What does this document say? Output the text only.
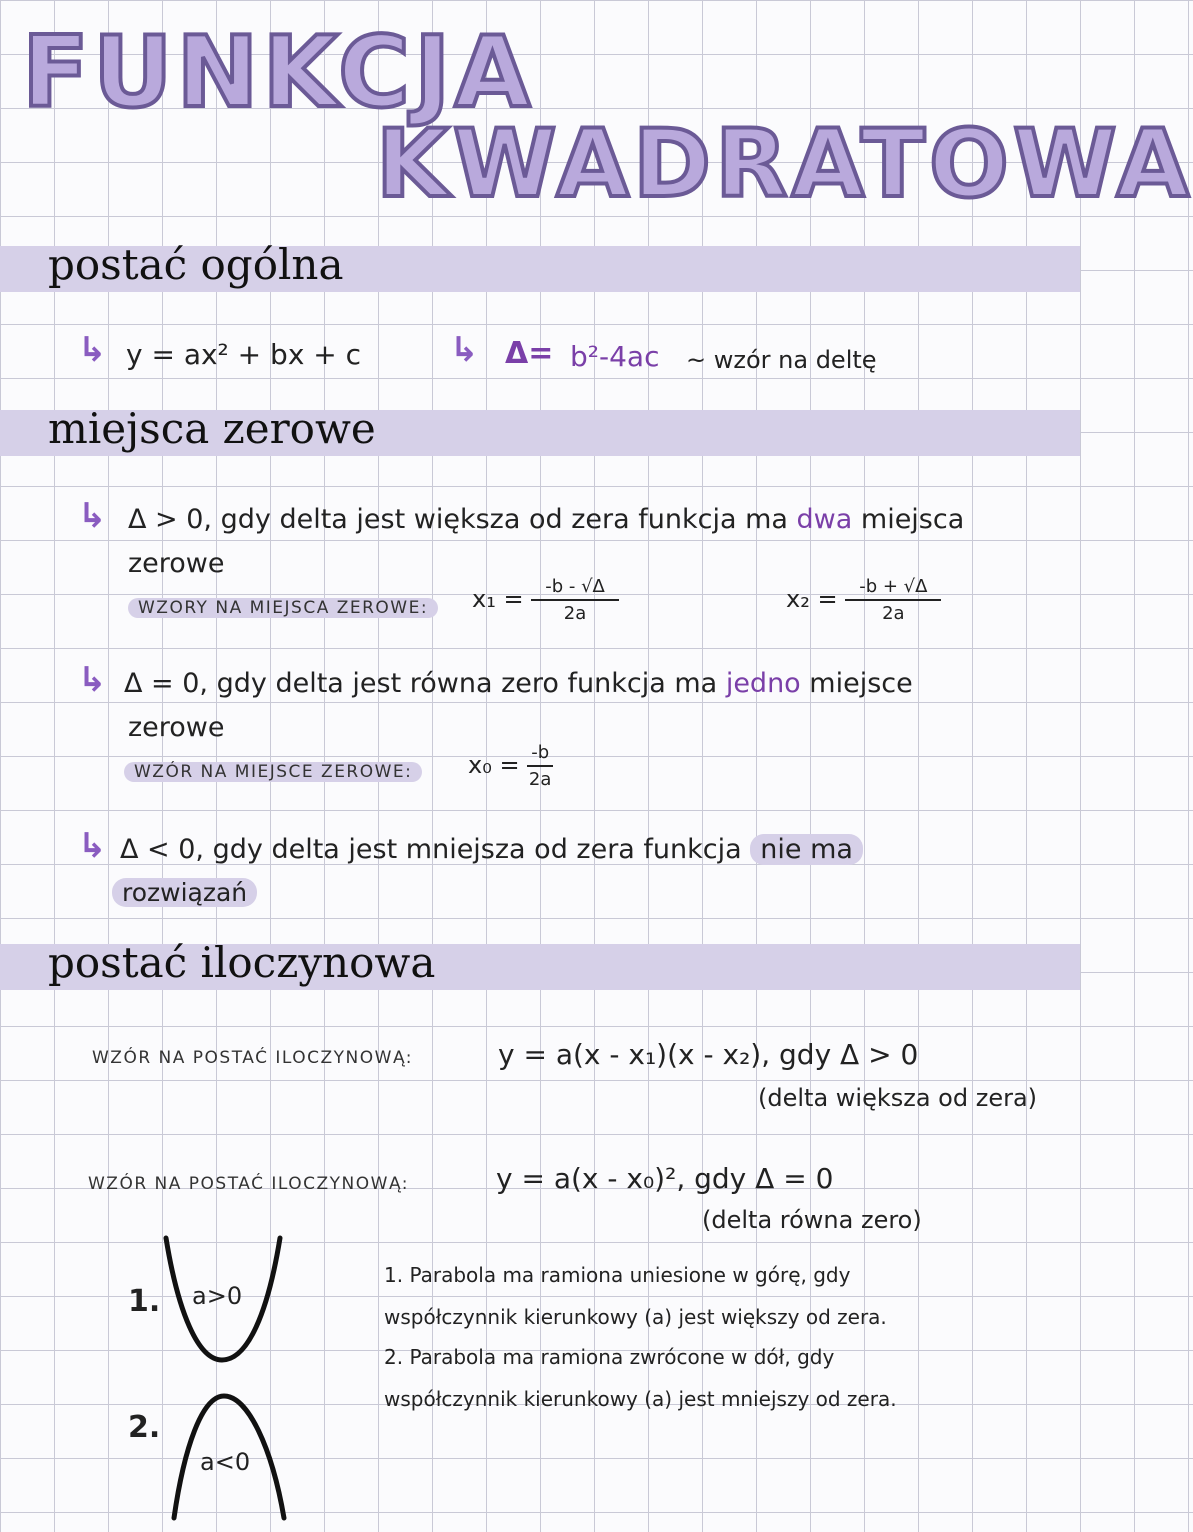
FUNKCJA
KWADRATOWA
postać ogólna
↳ y = ax² + bx + c	↳ Δ= b²-4ac ~ wzór na deltę
miejsca zerowe
↳ Δ > 0, gdy delta jest większa od zera funkcja ma dwa miejsca
zerowe
WZORY NA MIEJSCA ZEROWE:	$x_1 = \frac{-b - √\Delta}{2a}$	$x_2 = \frac{-b + √\Delta}{2a}$
↳ Δ = 0, gdy delta jest równa zero funkcja ma jedno miejsce
zerowe
WZÓR NA MIEJSCE ZEROWE:	$x_0 = \frac{-b}{2a}$
↳ Δ < 0, gdy delta jest mniejsza od zera funkcja nie ma
rozwiązań
postać iloczynowa
WZÓR NA POSTAĆ ILOCZYNOWĄ:	y = a(x - x₁)(x - x₂), gdy Δ > 0
(delta większa od zera)
WZÓR NA POSTAĆ ILOCZYNOWĄ:	y = a(x - x₀)², gdy Δ = 0
(delta równa zero)
1. a>0
2.
a<0
1. Parabola ma ramiona uniesione w górę, gdy współczynnik kierunkowy (a) jest większy od zera.
2. Parabola ma ramiona zwrócone w dół, gdy współczynnik kierunkowy (a) jest mniejszy od zera.
